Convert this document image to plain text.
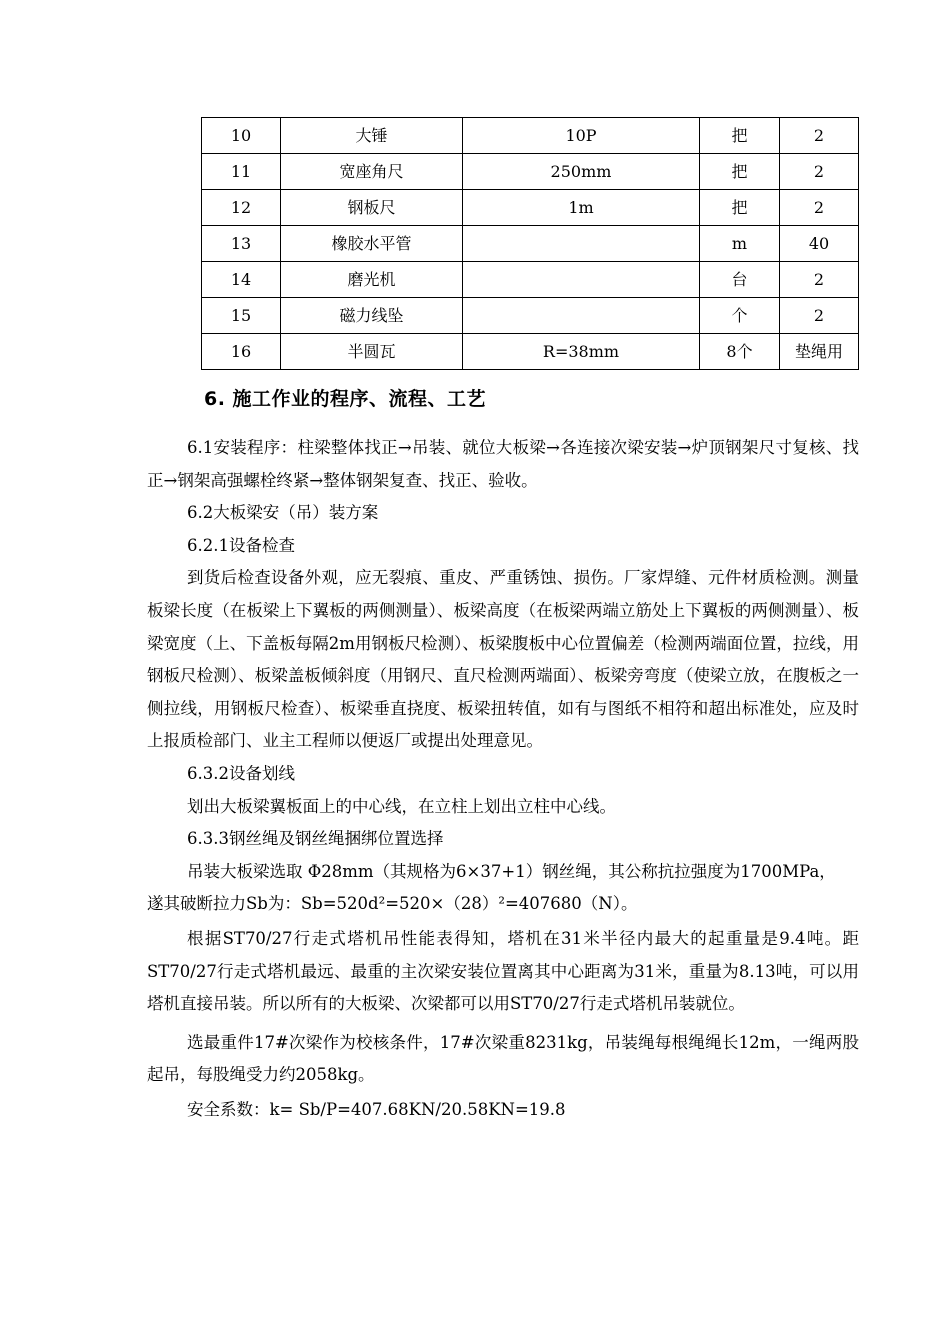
10	大锤	10P	把	2
11	宽座角尺	250mm	把	2
12	钢板尺	1m	把	2
13	橡胶水平管		m	40
14	磨光机		台	2
15	磁力线坠		个	2
16	半圆瓦	R=38mm	8个	垫绳用
6. 施工作业的程序、流程、工艺

6.1安装程序：柱梁整体找正→吊装、就位大板梁→各连接次梁安装→炉顶钢架尺寸复核、找正→钢架高强螺栓终紧→整体钢架复查、找正、验收。

6.2大板梁安（吊）装方案

6.2.1设备检查

到货后检查设备外观，应无裂痕、重皮、严重锈蚀、损伤。厂家焊缝、元件材质检测。测量板梁长度（在板梁上下翼板的两侧测量）、板梁高度（在板梁两端立筋处上下翼板的两侧测量）、板梁宽度（上、下盖板每隔2m用钢板尺检测）、板梁腹板中心位置偏差（检测两端面位置，拉线，用钢板尺检测）、板梁盖板倾斜度（用钢尺、直尺检测两端面）、板梁旁弯度（使梁立放，在腹板之一侧拉线，用钢板尺检查）、板梁垂直挠度、板梁扭转值，如有与图纸不相符和超出标准处，应及时上报质检部门、业主工程师以便返厂或提出处理意见。

6.3.2设备划线

划出大板梁翼板面上的中心线，在立柱上划出立柱中心线。

6.3.3钢丝绳及钢丝绳捆绑位置选择

吊装大板梁选取 Φ28mm（其规格为6×37+1）钢丝绳，其公称抗拉强度为1700MPa，

遂其破断拉力Sb为：Sb=520d²=520×（28）²=407680（N）。

根据ST70/27行走式塔机吊性能表得知，塔机在31米半径内最大的起重量是9.4吨。距ST70/27行走式塔机最远、最重的主次梁安装位置离其中心距离为31米，重量为8.13吨，可以用塔机直接吊装。所以所有的大板梁、次梁都可以用ST70/27行走式塔机吊装就位。

选最重件17#次梁作为校核条件，17#次梁重8231kg，吊装绳每根绳绳长12m，一绳两股起吊，每股绳受力约2058kg。

安全系数：k= Sb/P=407.68KN/20.58KN=19.8
